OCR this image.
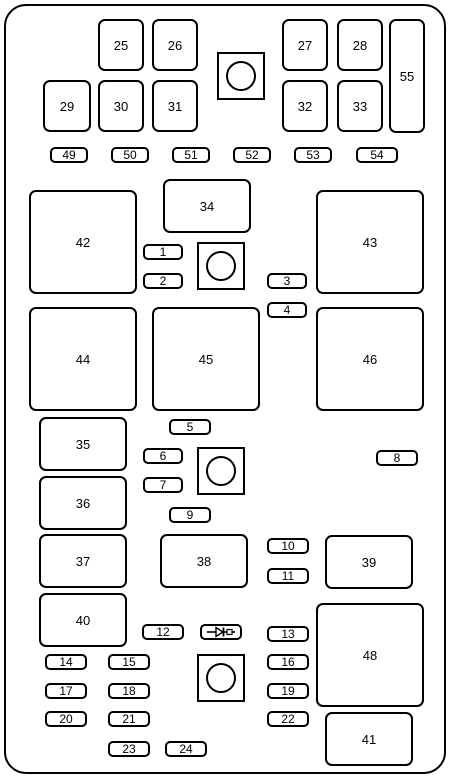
25	26	27	28
55
29	30	31	32	33
49	50	51	52	53	54
34
42	43
1
2	3
4
44	45	46
5
35
6	8
7
36
9
37	38
10
39
11
40
48
12	13
14	15	16
17	18	19
20	21	22
41
23	24
